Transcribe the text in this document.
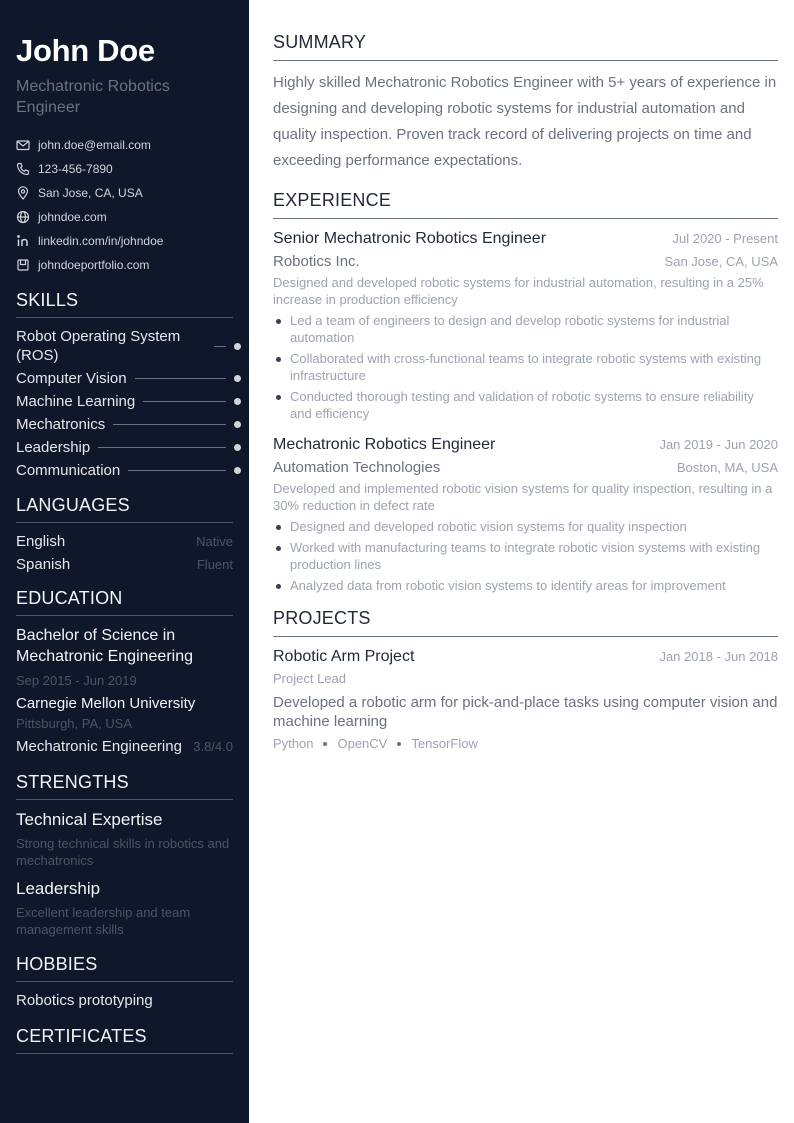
John Doe
Mechatronic Robotics Engineer
john.doe@email.com
123-456-7890
San Jose, CA, USA
johndoe.com
linkedin.com/in/johndoe
johndoeportfolio.com
SKILLS
Robot Operating System (ROS)
Computer Vision
Machine Learning
Mechatronics
Leadership
Communication
LANGUAGES
English	Native
Spanish	Fluent
EDUCATION
Bachelor of Science in Mechatronic Engineering
Sep 2015 - Jun 2019
Carnegie Mellon University
Pittsburgh, PA, USA
Mechatronic Engineering 3.8/4.0
STRENGTHS
Technical Expertise
Strong technical skills in robotics and mechatronics
Leadership
Excellent leadership and team management skills
HOBBIES
Robotics prototyping
CERTIFICATES
SUMMARY

Highly skilled Mechatronic Robotics Engineer with 5+ years of experience in designing and developing robotic systems for industrial automation and quality inspection. Proven track record of delivering projects on time and exceeding performance expectations.

EXPERIENCE
Senior Mechatronic Robotics Engineer	Jul 2020 - Present
Robotics Inc.	San Jose, CA, USA
Designed and developed robotic systems for industrial automation, resulting in a 25% increase in production efficiency
Led a team of engineers to design and develop robotic systems for industrial automation
Collaborated with cross-functional teams to integrate robotic systems with existing infrastructure
Conducted thorough testing and validation of robotic systems to ensure reliability and efficiency
Mechatronic Robotics Engineer	Jan 2019 - Jun 2020
Automation Technologies	Boston, MA, USA
Developed and implemented robotic vision systems for quality inspection, resulting in a 30% reduction in defect rate
Designed and developed robotic vision systems for quality inspection
Worked with manufacturing teams to integrate robotic vision systems with existing production lines
Analyzed data from robotic vision systems to identify areas for improvement
PROJECTS
Robotic Arm Project	Jan 2018 - Jun 2018
Project Lead
Developed a robotic arm for pick-and-place tasks using computer vision and machine learning
Python OpenCV TensorFlow
